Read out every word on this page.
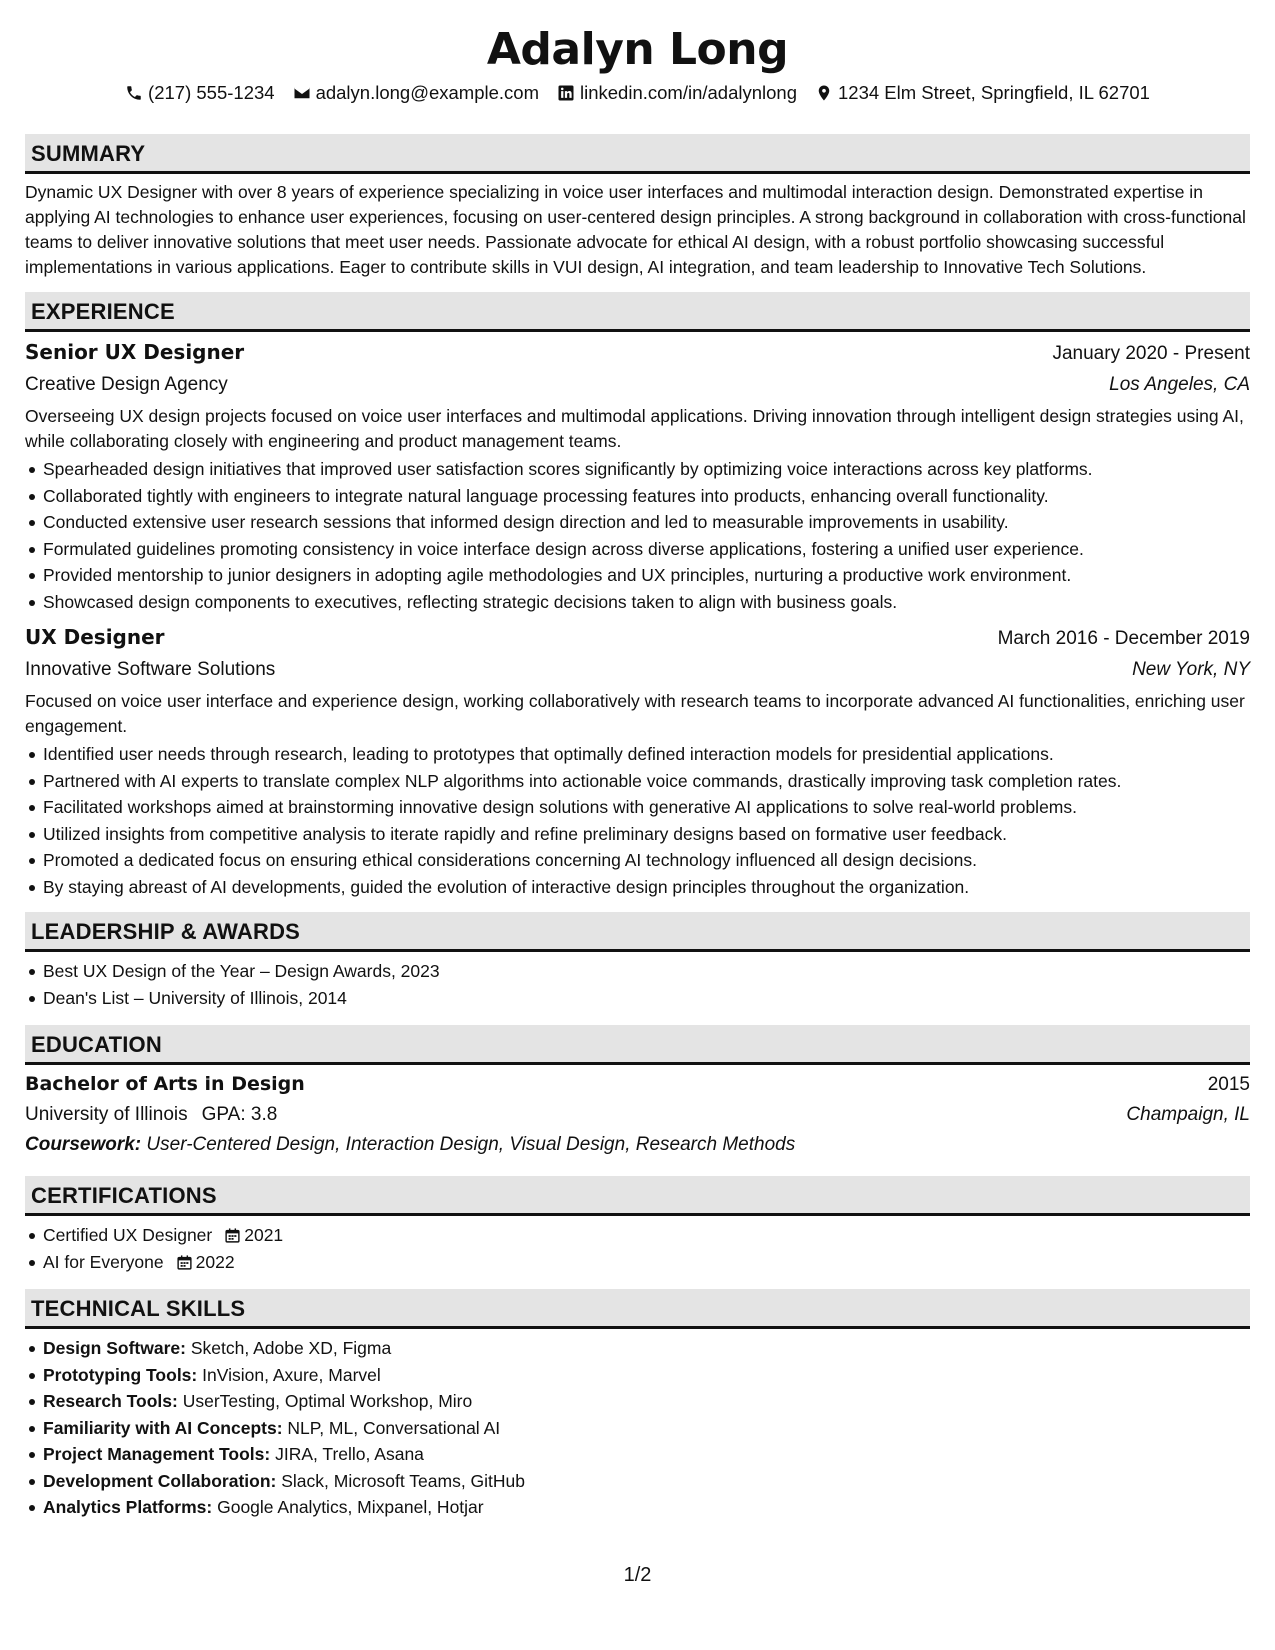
Adalyn Long
(217) 555-1234 adalyn.long@example.com linkedin.com/in/adalynlong 1234 Elm Street, Springfield, IL 62701
SUMMARY
Dynamic UX Designer with over 8 years of experience specializing in voice user interfaces and multimodal interaction design. Demonstrated expertise in applying AI technologies to enhance user experiences, focusing on user-centered design principles. A strong background in collaboration with cross-functional teams to deliver innovative solutions that meet user needs. Passionate advocate for ethical AI design, with a robust portfolio showcasing successful implementations in various applications. Eager to contribute skills in VUI design, AI integration, and team leadership to Innovative Tech Solutions.
EXPERIENCE
Senior UX Designer	January 2020 - Present
Creative Design Agency	Los Angeles, CA
Overseeing UX design projects focused on voice user interfaces and multimodal applications. Driving innovation through intelligent design strategies using AI, while collaborating closely with engineering and product management teams.
Spearheaded design initiatives that improved user satisfaction scores significantly by optimizing voice interactions across key platforms.
Collaborated tightly with engineers to integrate natural language processing features into products, enhancing overall functionality.
Conducted extensive user research sessions that informed design direction and led to measurable improvements in usability.
Formulated guidelines promoting consistency in voice interface design across diverse applications, fostering a unified user experience.
Provided mentorship to junior designers in adopting agile methodologies and UX principles, nurturing a productive work environment.
Showcased design components to executives, reflecting strategic decisions taken to align with business goals.
UX Designer	March 2016 - December 2019
Innovative Software Solutions	New York, NY
Focused on voice user interface and experience design, working collaboratively with research teams to incorporate advanced AI functionalities, enriching user engagement.
Identified user needs through research, leading to prototypes that optimally defined interaction models for presidential applications.
Partnered with AI experts to translate complex NLP algorithms into actionable voice commands, drastically improving task completion rates.
Facilitated workshops aimed at brainstorming innovative design solutions with generative AI applications to solve real-world problems.
Utilized insights from competitive analysis to iterate rapidly and refine preliminary designs based on formative user feedback.
Promoted a dedicated focus on ensuring ethical considerations concerning AI technology influenced all design decisions.
By staying abreast of AI developments, guided the evolution of interactive design principles throughout the organization.
LEADERSHIP & AWARDS
Best UX Design of the Year – Design Awards, 2023
Dean's List – University of Illinois, 2014
EDUCATION
Bachelor of Arts in Design	2015
University of Illinois GPA: 3.8	Champaign, IL
Coursework: User-Centered Design, Interaction Design, Visual Design, Research Methods
CERTIFICATIONS
Certified UX Designer 2021
AI for Everyone 2022
TECHNICAL SKILLS
Design Software: Sketch, Adobe XD, Figma
Prototyping Tools: InVision, Axure, Marvel
Research Tools: UserTesting, Optimal Workshop, Miro
Familiarity with AI Concepts: NLP, ML, Conversational AI
Project Management Tools: JIRA, Trello, Asana
Development Collaboration: Slack, Microsoft Teams, GitHub
Analytics Platforms: Google Analytics, Mixpanel, Hotjar
1/2
